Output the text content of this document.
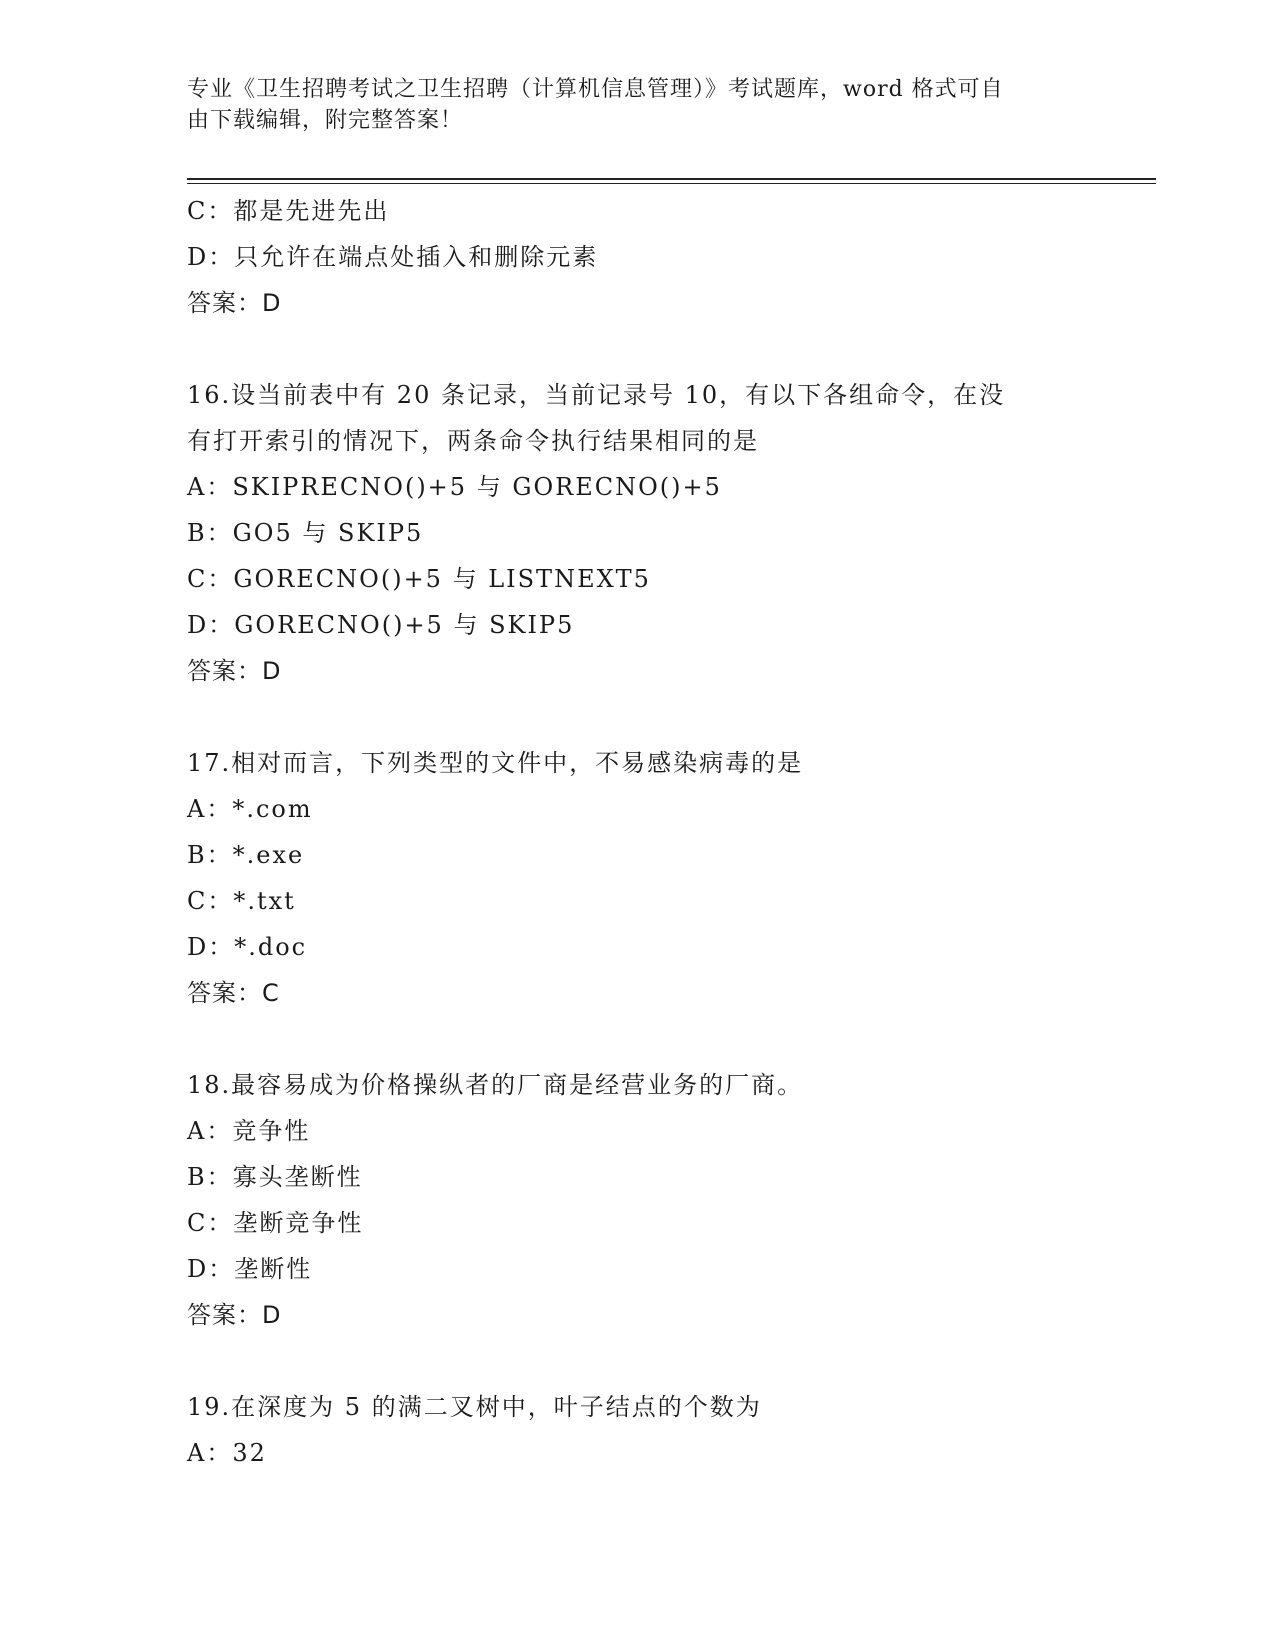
专业《卫生招聘考试之卫生招聘（计算机信息管理）》考试题库，word 格式可自
由下载编辑，附完整答案！
C：都是先进先出
D：只允许在端点处插入和删除元素
答案：D
16.设当前表中有 20 条记录，当前记录号 10，有以下各组命令，在没
有打开索引的情况下，两条命令执行结果相同的是
A：SKIPRECNO()+5 与 GORECNO()+5
B：GO5 与 SKIP5
C：GORECNO()+5 与 LISTNEXT5
D：GORECNO()+5 与 SKIP5
答案：D
17.相对而言，下列类型的文件中，不易感染病毒的是
A：*.com
B：*.exe
C：*.txt
D：*.doc
答案：C
18.最容易成为价格操纵者的厂商是经营业务的厂商。
A：竞争性
B：寡头垄断性
C：垄断竞争性
D：垄断性
答案：D
19.在深度为 5 的满二叉树中，叶子结点的个数为
A：32
